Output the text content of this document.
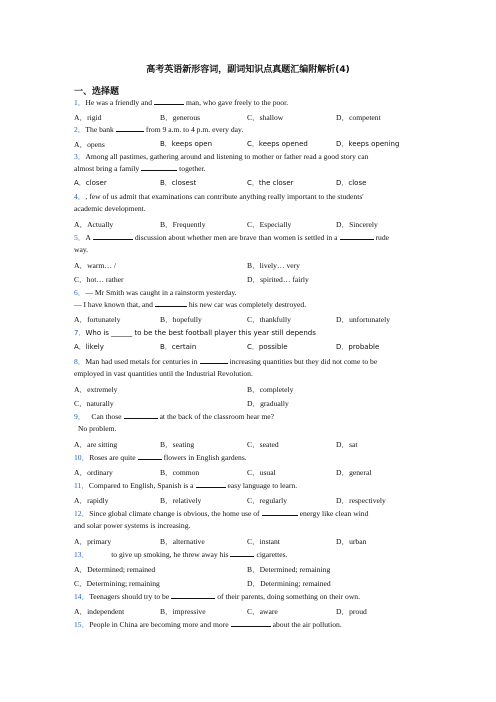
高考英语新形容词，副词知识点真题汇编附解析(4)
一、选择题
1．He was a friendly and	man, who gave freely to the poor.
A．rigid	B．generous	C．shallow	D．competent
2．The bank	from 9 a.m. to 4 p.m. every day.
A．opens	B．keeps open	C．keeps opened	D．keeps opening
3．Among all pastimes, gathering around and listening to mother or father read a good story can
almost bring a family	together.
A．closer	B．closest	C．the closer	D．close
4．, few of us admit that examinations can contribute anything really important to the students'
academic development.
A．Actually	B．Frequently	C．Especially	D．Sincerely
5．A	discussion about whether men are brave than women is settled in a	rude
way.
A．warm… /	B．lively… very
C．hot… rather	D．spirited… fairly
6．— Mr Smith was caught in a rainstorm yesterday.
— I have known that, and	his new car was completely destroyed.
A．fortunately	B．hopefully	C．thankfully	D．unfortunately
7．Who is ______ to be the best football player this year still depends
A．likely	B．certain	C．possible	D．probable
8．Man had used metals for centuries in	increasing quantities but they did not come to be
employed in vast quantities until the Industrial Revolution.
A．extremely	B．completely
C．naturally	D．gradually
9． Can those	at the back of the classroom hear me?
No problem.
A．are sitting	B．seating	C．seated	D．sat
10．Roses are quite	flowers in English gardens.
A．ordinary	B．common	C．usual	D．general
11．Compared to English, Spanish is a	easy language to learn.
A．rapidly	B．relatively	C．regularly	D．respectively
12．Since global climate change is obvious, the home use of	energy like clean wind
and solar power systems is increasing.
A．primary	B．alternative	C．instant	D．urban
13．	to give up smoking, he threw away his	cigarettes.
A．Determined; remained	B．Determined; remaining
C．Determining; remaining	D．Determining; remained
14．Teenagers should try to be	of their parents, doing something on their own.
A．independent	B．impressive	C．aware	D．proud
15．People in China are becoming more and more	about the air pollution.
